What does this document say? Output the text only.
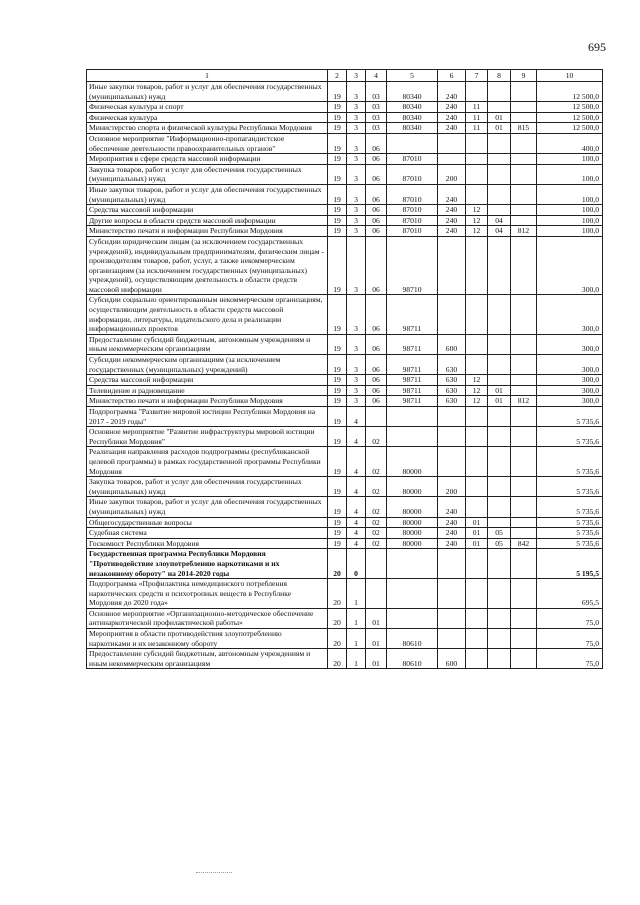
695
1	2	3	4	5	6	7	8	9	10
Иные закупки товаров, работ и услуг для обеспечения государственных (муниципальных) нужд	19	3	03	80340	240				12 500,0
Физическая культура и спорт	19	3	03	80340	240	11			12 500,0
Физическая культура	19	3	03	80340	240	11	01		12 500,0
Министерство спорта и физической культуры Республики Мордовия	19	3	03	80340	240	11	01	815	12 500,0
Основное мероприятие "Информационно-пропагандистское обеспечение деятельности правоохранительных органов"	19	3	06						400,0
Мероприятия в сфере средств массовой информации	19	3	06	87010					100,0
Закупка товаров, работ и услуг для обеспечения государственных (муниципальных) нужд	19	3	06	87010	200				100,0
Иные закупки товаров, работ и услуг для обеспечения государственных (муниципальных) нужд	19	3	06	87010	240				100,0
Средства массовой информации	19	3	06	87010	240	12			100,0
Другие вопросы в области средств массовой информации	19	3	06	87010	240	12	04		100,0
Министерство печати и информации Республики Мордовия	19	3	06	87010	240	12	04	812	100,0
Субсидии юридическим лицам (за исключением государственных учреждений), индивидуальным предпринимателям, физическим лицам - производителям товаров, работ, услуг, а также некоммерческим организациям (за исключением государственных (муниципальных) учреждений), осуществляющим деятельность в области средств массовой информации	19	3	06	98710					300,0
Субсидии социально ориентированным некоммерческим организациям, осуществляющим деятельность в области средств массовой информации, литературы, издательского дела и реализации информационных проектов	19	3	06	98711					300,0
Предоставление субсидий бюджетным, автономным учреждениям и иным некоммерческим организациям	19	3	06	98711	600				300,0
Субсидии некоммерческим организациям (за исключением государственных (муниципальных) учреждений)	19	3	06	98711	630				300,0
Средства массовой информации	19	3	06	98711	630	12			300,0
Телевидение и радиовещание	19	3	06	98711	630	12	01		300,0
Министерство печати и информации Республики Мордовия	19	3	06	98711	630	12	01	812	300,0
Подпрограмма "Развитие мировой юстиции Республики Мордовия на 2017 - 2019 годы"	19	4							5 735,6
Основное мероприятие "Развитие инфраструктуры мировой юстиции Республики Мордовия"	19	4	02						5 735,6
Реализация направления расходов подпрограммы (республиканской целевой программы) в рамках государственной программы Республики Мордовия	19	4	02	80000					5 735,6
Закупка товаров, работ и услуг для обеспечения государственных (муниципальных) нужд	19	4	02	80000	200				5 735,6
Иные закупки товаров, работ и услуг для обеспечения государственных (муниципальных) нужд	19	4	02	80000	240				5 735,6
Общегосударственные вопросы	19	4	02	80000	240	01			5 735,6
Судебная система	19	4	02	80000	240	01	05		5 735,6
Госкомюст Республики Мордовия	19	4	02	80000	240	01	05	842	5 735,6
Государственная программа Республики Мордовия "Противодействие злоупотреблению наркотиками и их незаконному обороту" на 2014-2020 годы	20	0							5 195,5
Подпрограмма «Профилактика немедицинского потребления наркотических средств и психотропных веществ в Республике Мордовия до 2020 года»	20	1							695,5
Основное мероприятие «Организационно-методическое обеспечение антинаркотической профилактической работы»	20	1	01						75,0
Мероприятия в области противодействия злоупотреблению наркотиками и их незаконному обороту	20	1	01	80610					75,0
Предоставление субсидий бюджетным, автономным учреждениям и иным некоммерческим организациям	20	1	01	80610	600				75,0
